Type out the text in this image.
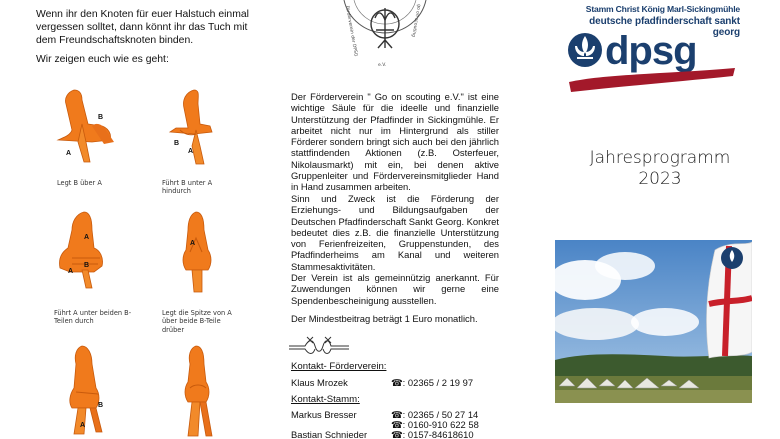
Wenn ihr den Knoten für euer Halstuch einmal vergessen solltet, dann könnt ihr das Tuch mit dem Freundschaftsknoten binden.
Wir zeigen euch wie es geht:
A
B
Legt B über A
B
A
Führt B unter A hindurch
A
B
A
Führt A unter beiden B-Teilen durch
A
Legt die Spitze von A über beide B-Teile drüber
B
A
Förderverein der DPSG	go on scouting
e.V.
Der Förderverein " Go on scouting e.V." ist eine wichtige Säule für die ideelle und finanzielle Unterstützung der Pfadfinder in Sickingmühle. Er arbeitet nicht nur im Hintergrund als stiller Förderer sondern bringt sich auch bei den jährlich stattfindenden Aktionen (z.B. Osterfeuer, Nikolausmarkt) mit ein, bei denen aktive Gruppenleiter und Fördervereinsmitglieder Hand in Hand zusammen arbeiten.
Sinn und Zweck ist die Förderung der Erziehungs- und Bildungsaufgaben der Deutschen Pfadfinderschaft Sankt Georg. Konkret bedeutet dies z.B. die finanzielle Unterstützung von Ferienfreizeiten, Gruppenstunden, des Pfadfinderheims am Kanal und weiteren Stammesaktivitäten.
Der Verein ist als gemeinnützig anerkannt. Für Zuwendungen können wir gerne eine Spendenbescheinigung ausstellen.
Der Mindestbeitrag beträgt 1 Euro monatlich.
Kontakt- Förderverein:
Klaus Mrozek	☎: 02365 / 2 19 97
Kontakt-Stamm:
Markus Bresser	☎: 02365 / 50 27 14
☎: 0160-910 622 58
Bastian Schnieder	☎: 0157-84618610
Stamm Christ König Marl-Sickingmühle
deutsche pfadfinderschaft sankt georg
dpsg
Jahresprogramm
2023
